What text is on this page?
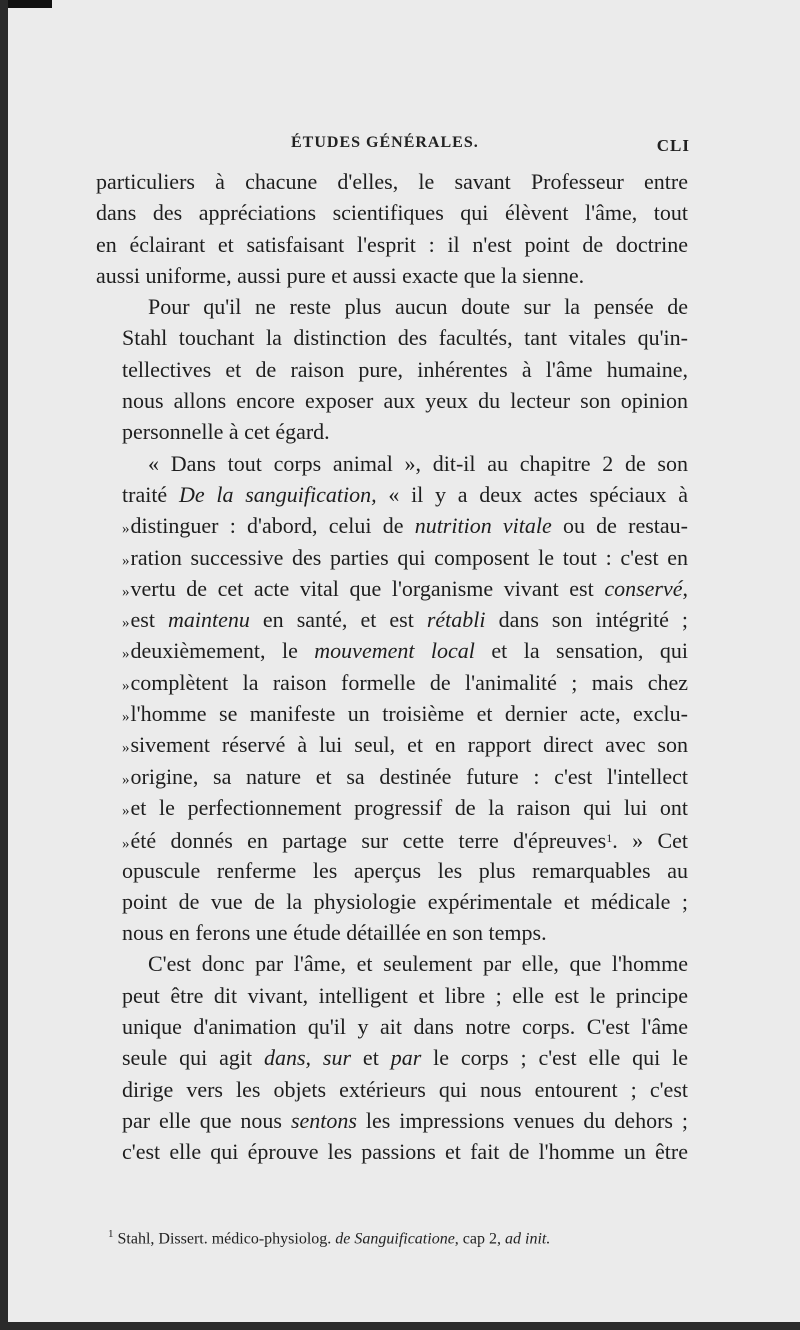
ÉTUDES GÉNÉRALES.	CLI

particuliers à chacune d'elles, le savant Professeur entre
dans des appréciations scientifiques qui élèvent l'âme, tout
en éclairant et satisfaisant l'esprit : il n'est point de doctrine
aussi uniforme, aussi pure et aussi exacte que la sienne.

Pour qu'il ne reste plus aucun doute sur la pensée de
Stahl touchant la distinction des facultés, tant vitales qu'in-
tellectives et de raison pure, inhérentes à l'âme humaine,
nous allons encore exposer aux yeux du lecteur son opinion
personnelle à cet égard.

« Dans tout corps animal », dit-il au chapitre 2 de son
traité De la sanguification, « il y a deux actes spéciaux à
»distinguer : d'abord, celui de nutrition vitale ou de restau-
»ration successive des parties qui composent le tout : c'est en
»vertu de cet acte vital que l'organisme vivant est conservé,
»est maintenu en santé, et est rétabli dans son intégrité ;
»deuxièmement, le mouvement local et la sensation, qui
»complètent la raison formelle de l'animalité ; mais chez
»l'homme se manifeste un troisième et dernier acte, exclu-
»sivement réservé à lui seul, et en rapport direct avec son
»origine, sa nature et sa destinée future : c'est l'intellect
»et le perfectionnement progressif de la raison qui lui ont
»été donnés en partage sur cette terre d'épreuves$^1$. » Cet
opuscule renferme les aperçus les plus remarquables au
point de vue de la physiologie expérimentale et médicale ;
nous en ferons une étude détaillée en son temps.

C'est donc par l'âme, et seulement par elle, que l'homme
peut être dit vivant, intelligent et libre ; elle est le principe
unique d'animation qu'il y ait dans notre corps. C'est l'âme
seule qui agit dans, sur et par le corps ; c'est elle qui le
dirige vers les objets extérieurs qui nous entourent ; c'est
par elle que nous sentons les impressions venues du dehors ;
c'est elle qui éprouve les passions et fait de l'homme un être

$^1$ Stahl, Dissert. médico-physiolog. de Sanguificatione, cap 2, ad init.
